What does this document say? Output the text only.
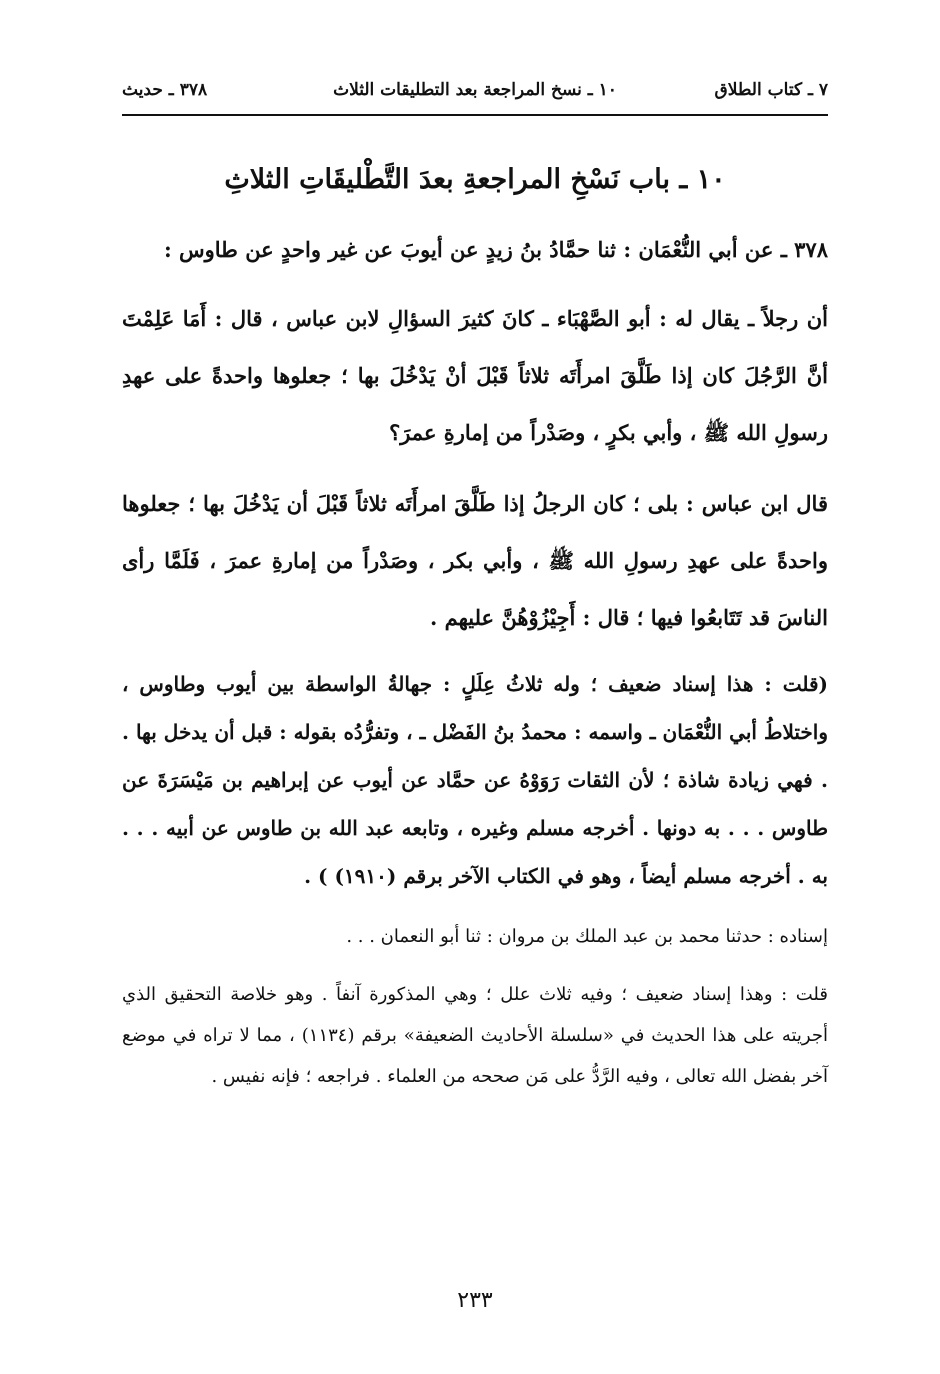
٧ ـ كتاب الطلاق
١٠ ـ نسخ المراجعة بعد التطليقات الثلاث
٣٧٨ ـ حديث
١٠ ـ باب نَسْخِ المراجعةِ بعدَ التَّطْليقَاتِ الثلاثِ

٣٧٨ ـ عن أبي النُّعْمَان : ثنا حمَّادُ بنُ زيدٍ عن أيوبَ عن غير واحدٍ عن طاوس :

أن رجلاً ـ يقال له : أبو الصَّهْبَاء ـ كانَ كثيرَ السؤالِ لابن عباس ، قال : أَمَا عَلِمْتَ أنَّ الرَّجُلَ كان إذا طَلَّقَ امرأَتَه ثلاثاً قَبْلَ أنْ يَدْخُلَ بها ؛ جعلوها واحدةً على عهدِ رسولِ الله ﷺ ، وأبي بكرٍ ، وصَدْراً من إمارةِ عمرَ؟

قال ابن عباس : بلى ؛ كان الرجلُ إذا طَلَّقَ امرأَتَه ثلاثاً قَبْلَ أن يَدْخُلَ بها ؛ جعلوها واحدةً على عهدِ رسولِ الله ﷺ ، وأبي بكر ، وصَدْراً من إمارةِ عمرَ ، فَلَمَّا رأى الناسَ قد تَتَابعُوا فيها ؛ قال : أَجِيْزُوْهُنَّ عليهم .

(قلت : هذا إسناد ضعيف ؛ وله ثلاثُ عِلَلٍ : جهالةُ الواسطة بين أيوب وطاوس ، واختلاطُ أبي النُّعْمَان ـ واسمه : محمدُ بنُ الفَضْل ـ ، وتفرُّدُه بقوله : قبل أن يدخل بها . . فهي زيادة شاذة ؛ لأن الثقات رَوَوْهُ عن حمَّاد عن أيوب عن إبراهيم بن مَيْسَرَةَ عن طاوس . . . به دونها . أخرجه مسلم وغيره ، وتابعه عبد الله بن طاوس عن أبيه . . . به . أخرجه مسلم أيضاً ، وهو في الكتاب الآخر برقم (١٩١٠) ) .

إسناده : حدثنا محمد بن عبد الملك بن مروان : ثنا أبو النعمان . . .

قلت : وهذا إسناد ضعيف ؛ وفيه ثلاث علل ؛ وهي المذكورة آنفاً . وهو خلاصة التحقيق الذي أجريته على هذا الحديث في «سلسلة الأحاديث الضعيفة» برقم (١١٣٤) ، مما لا تراه في موضع آخر بفضل الله تعالى ، وفيه الرَّدُّ على مَن صححه من العلماء . فراجعه ؛ فإنه نفيس .

٢٣٣
